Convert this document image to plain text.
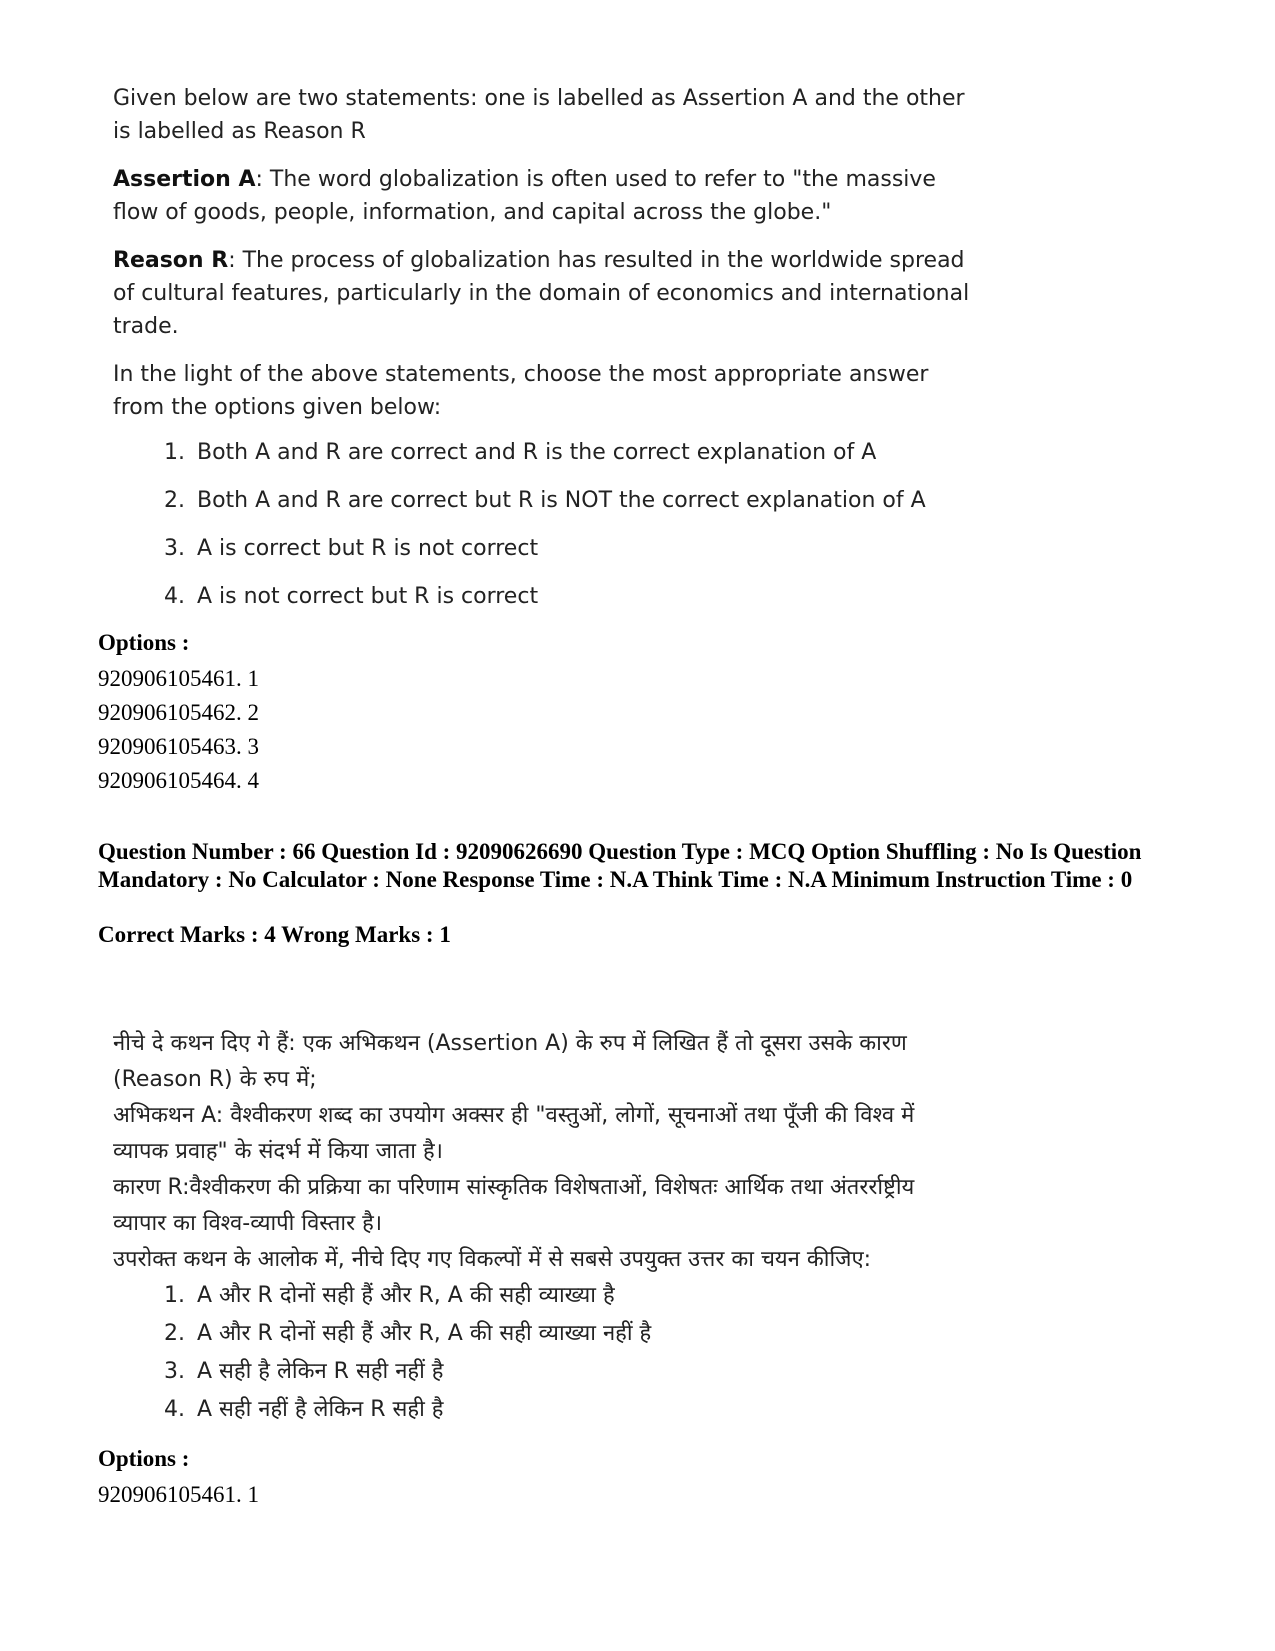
Given below are two statements: one is labelled as Assertion A and the other is labelled as Reason R

Assertion A: The word globalization is often used to refer to "the massive flow of goods, people, information, and capital across the globe."

Reason R: The process of globalization has resulted in the worldwide spread of cultural features, particularly in the domain of economics and international trade.

In the light of the above statements, choose the most appropriate answer from the options given below:

1. Both A and R are correct and R is the correct explanation of A
2. Both A and R are correct but R is NOT the correct explanation of A
3. A is correct but R is not correct
4. A is not correct but R is correct
Options :
920906105461. 1
920906105462. 2
920906105463. 3
920906105464. 4
Question Number : 66 Question Id : 92090626690 Question Type : MCQ Option Shuffling : No Is Question Mandatory : No Calculator : None Response Time : N.A Think Time : N.A Minimum Instruction Time : 0
Correct Marks : 4 Wrong Marks : 1

नीचे दे कथन दिए गे हैं: एक अभिकथन (Assertion A) के रुप में लिखित हैं तो दूसरा उसके कारण (Reason R) के रुप में;

अभिकथन A: वैश्वीकरण शब्द का उपयोग अक्सर ही "वस्तुओं, लोगों, सूचनाओं तथा पूँजी की विश्व में व्यापक प्रवाह" के संदर्भ में किया जाता है।

कारण R:वैश्वीकरण की प्रक्रिया का परिणाम सांस्कृतिक विशेषताओं, विशेषतः आर्थिक तथा अंतरर्राष्ट्रीय व्यापार का विश्व-व्यापी विस्तार है।

उपरोक्त कथन के आलोक में, नीचे दिए गए विकल्पों में से सबसे उपयुक्त उत्तर का चयन कीजिए:

1. A और R दोनों सही हैं और R, A की सही व्याख्या है
2. A और R दोनों सही हैं और R, A की सही व्याख्या नहीं है
3. A सही है लेकिन R सही नहीं है
4. A सही नहीं है लेकिन R सही है
Options :
920906105461. 1
